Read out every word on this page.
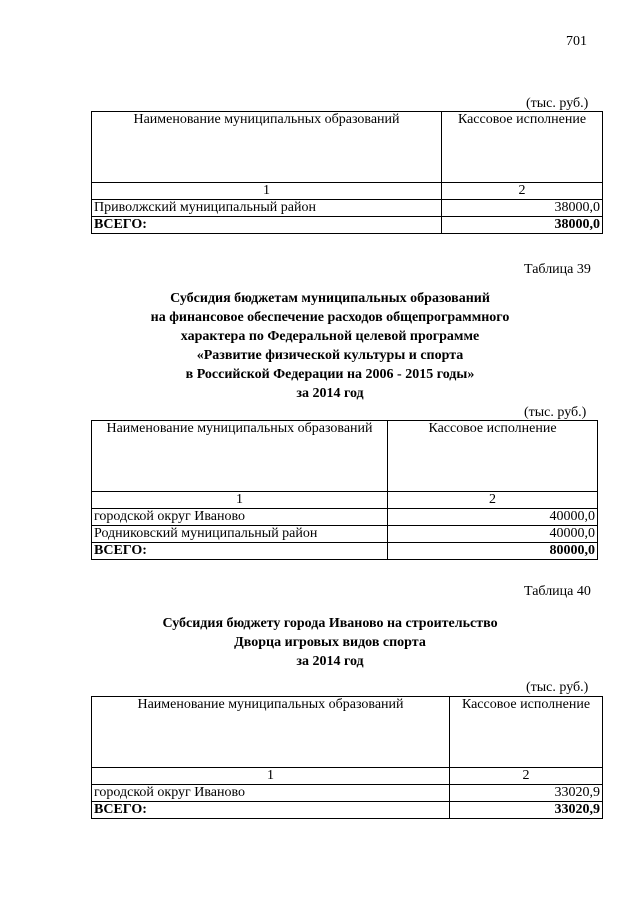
701
(тыс. руб.)
Наименование муниципальных образований	Кассовое исполнение
1	2
Приволжский муниципальный район	38000,0
ВСЕГО:	38000,0
Таблица 39
Субсидия бюджетам муниципальных образований
на финансовое обеспечение расходов общепрограммного
характера по Федеральной целевой программе
«Развитие физической культуры и спорта
в Российской Федерации на 2006 - 2015 годы»
за 2014 год
(тыс. руб.)
Наименование муниципальных образований	Кассовое исполнение
1	2
городской округ Иваново	40000,0
Родниковский муниципальный район	40000,0
ВСЕГО:	80000,0
Таблица 40
Субсидия бюджету города Иваново на строительство
Дворца игровых видов спорта
за 2014 год
(тыс. руб.)
Наименование муниципальных образований	Кассовое исполнение
1	2
городской округ Иваново	33020,9
ВСЕГО:	33020,9
